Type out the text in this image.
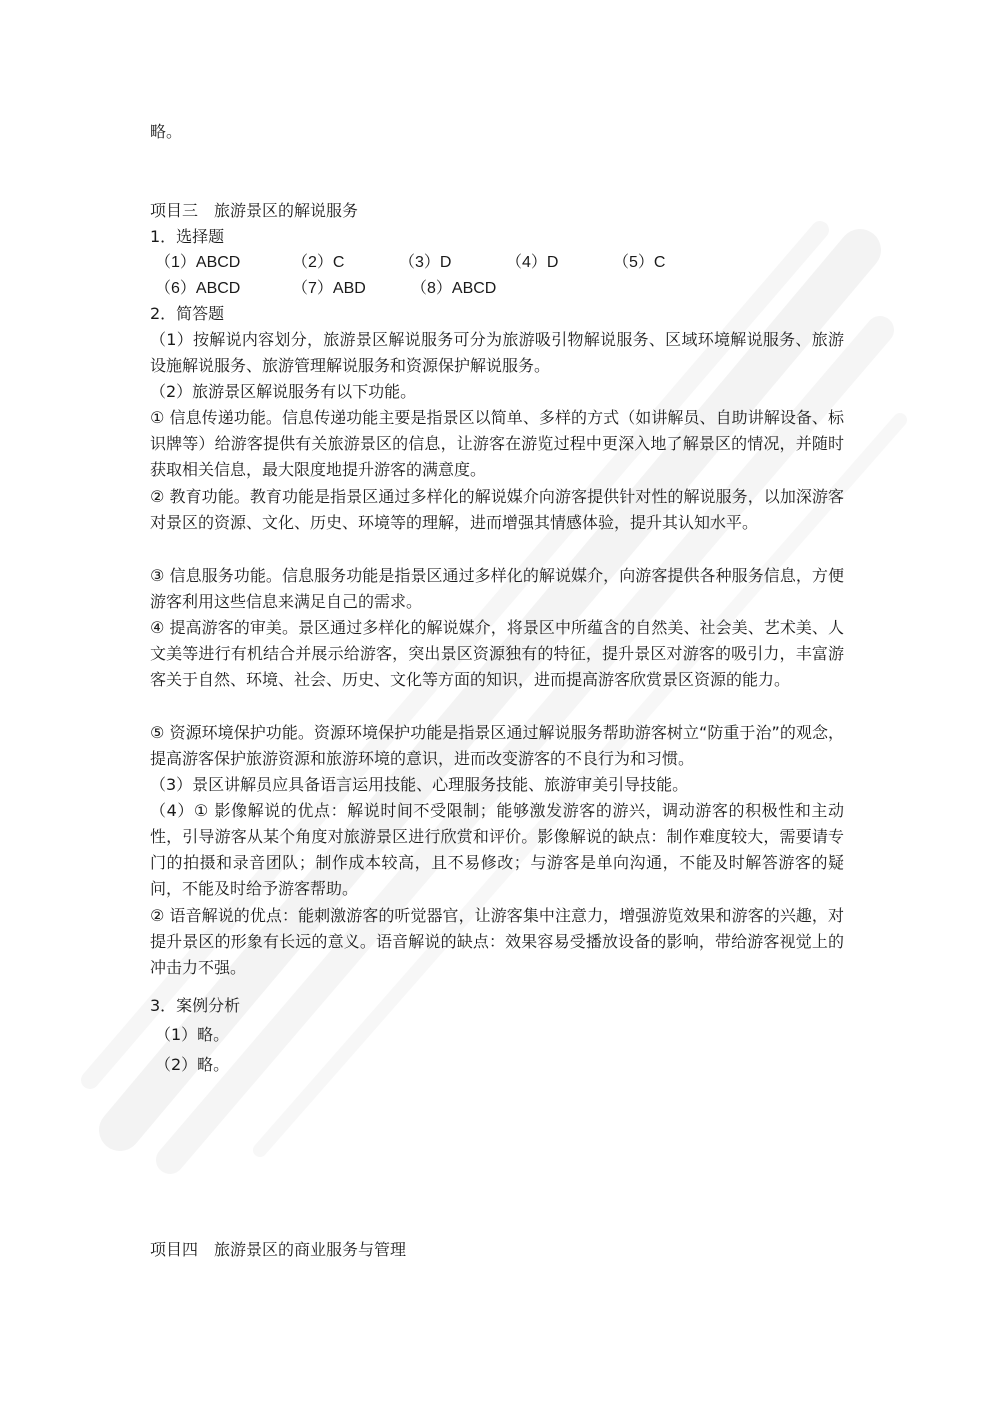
略。
项目三　旅游景区的解说服务
1．选择题
（1）ABCD	（2）C	（3）D	（4）D	（5）C
（6）ABCD	（7）ABD	（8）ABCD
2．简答题
（1）按解说内容划分，旅游景区解说服务可分为旅游吸引物解说服务、区域环境解说服务、旅游设施解说服务、旅游管理解说服务和资源保护解说服务。
（2）旅游景区解说服务有以下功能。
① 信息传递功能。信息传递功能主要是指景区以简单、多样的方式（如讲解员、自助讲解设备、标识牌等）给游客提供有关旅游景区的信息，让游客在游览过程中更深入地了解景区的情况，并随时获取相关信息，最大限度地提升游客的满意度。
② 教育功能。教育功能是指景区通过多样化的解说媒介向游客提供针对性的解说服务，以加深游客对景区的资源、文化、历史、环境等的理解，进而增强其情感体验，提升其认知水平。
③ 信息服务功能。信息服务功能是指景区通过多样化的解说媒介，向游客提供各种服务信息，方便游客利用这些信息来满足自己的需求。
④ 提高游客的审美。景区通过多样化的解说媒介，将景区中所蕴含的自然美、社会美、艺术美、人文美等进行有机结合并展示给游客，突出景区资源独有的特征，提升景区对游客的吸引力，丰富游客关于自然、环境、社会、历史、文化等方面的知识，进而提高游客欣赏景区资源的能力。
⑤ 资源环境保护功能。资源环境保护功能是指景区通过解说服务帮助游客树立“防重于治”的观念，提高游客保护旅游资源和旅游环境的意识，进而改变游客的不良行为和习惯。
（3）景区讲解员应具备语言运用技能、心理服务技能、旅游审美引导技能。
（4）① 影像解说的优点：解说时间不受限制；能够激发游客的游兴，调动游客的积极性和主动性，引导游客从某个角度对旅游景区进行欣赏和评价。影像解说的缺点：制作难度较大，需要请专门的拍摄和录音团队；制作成本较高，且不易修改；与游客是单向沟通，不能及时解答游客的疑问，不能及时给予游客帮助。
② 语音解说的优点：能刺激游客的听觉器官，让游客集中注意力，增强游览效果和游客的兴趣，对提升景区的形象有长远的意义。语音解说的缺点：效果容易受播放设备的影响，带给游客视觉上的冲击力不强。
3．案例分析
（1）略。
（2）略。
项目四　旅游景区的商业服务与管理
